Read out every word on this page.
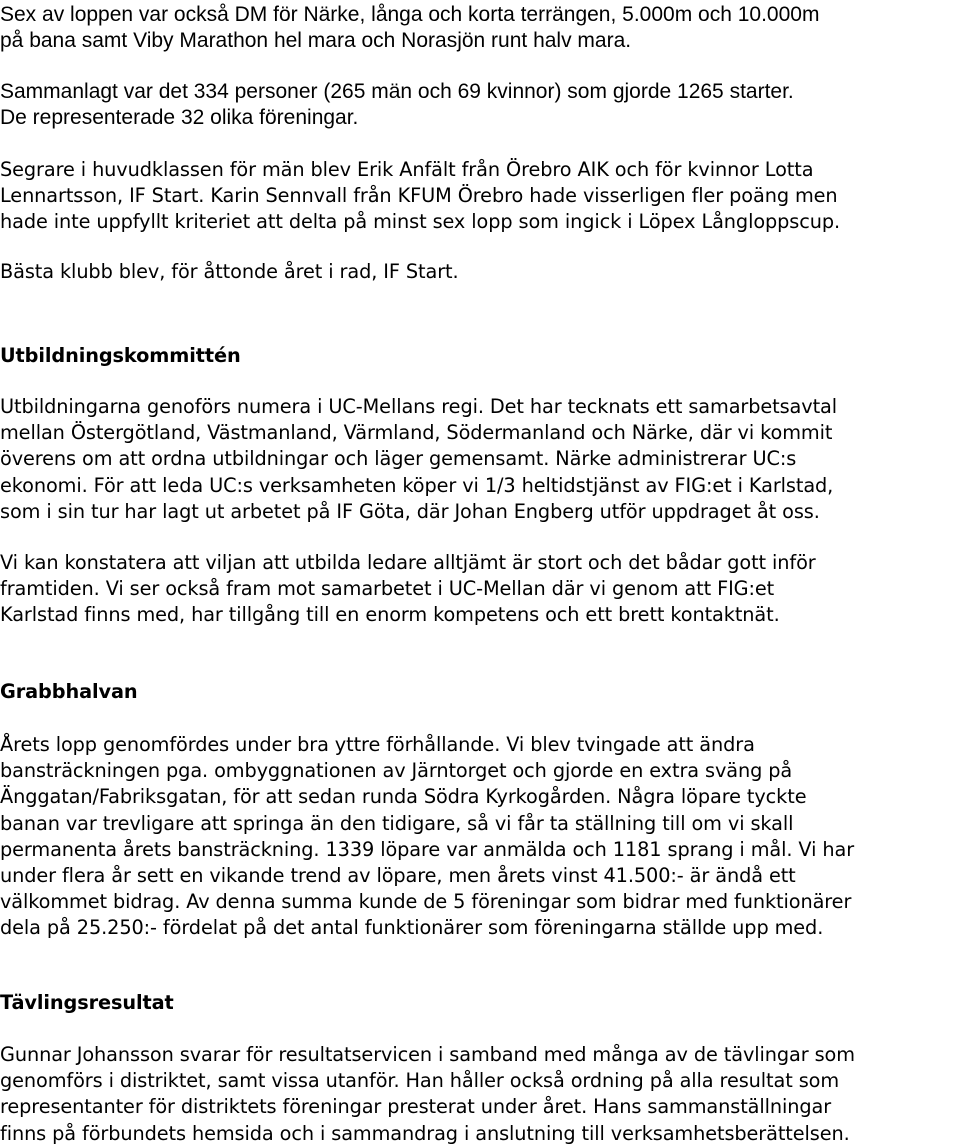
Sex av loppen var också DM för Närke, långa och korta terrängen, 5.000m och 10.000m
på bana samt Viby Marathon hel mara och Norasjön runt halv mara.

Sammanlagt var det 334 personer (265 män och 69 kvinnor) som gjorde 1265 starter.
De representerade 32 olika föreningar.

Segrare i huvudklassen för män blev Erik Anfält från Örebro AIK och för kvinnor Lotta
Lennartsson, IF Start. Karin Sennvall från KFUM Örebro hade visserligen fler poäng men
hade inte uppfyllt kriteriet att delta på minst sex lopp som ingick i Löpex Långloppscup.

Bästa klubb blev, för åttonde året i rad, IF Start.

Utbildningskommittén

Utbildningarna genoförs numera i UC-Mellans regi. Det har tecknats ett samarbetsavtal
mellan Östergötland, Västmanland, Värmland, Södermanland och Närke, där vi kommit
överens om att ordna utbildningar och läger gemensamt. Närke administrerar UC:s
ekonomi. För att leda UC:s verksamheten köper vi 1/3 heltidstjänst av FIG:et i Karlstad,
som i sin tur har lagt ut arbetet på IF Göta, där Johan Engberg utför uppdraget åt oss.

Vi kan konstatera att viljan att utbilda ledare alltjämt är stort och det bådar gott inför
framtiden. Vi ser också fram mot samarbetet i UC-Mellan där vi genom att FIG:et
Karlstad finns med, har tillgång till en enorm kompetens och ett brett kontaktnät.

Grabbhalvan

Årets lopp genomfördes under bra yttre förhållande. Vi blev tvingade att ändra
bansträckningen pga. ombyggnationen av Järntorget och gjorde en extra sväng på
Änggatan/Fabriksgatan, för att sedan runda Södra Kyrkogården. Några löpare tyckte
banan var trevligare att springa än den tidigare, så vi får ta ställning till om vi skall
permanenta årets bansträckning. 1339 löpare var anmälda och 1181 sprang i mål. Vi har
under flera år sett en vikande trend av löpare, men årets vinst 41.500:- är ändå ett
välkommet bidrag. Av denna summa kunde de 5 föreningar som bidrar med funktionärer
dela på 25.250:- fördelat på det antal funktionärer som föreningarna ställde upp med.

Tävlingsresultat

Gunnar Johansson svarar för resultatservicen i samband med många av de tävlingar som
genomförs i distriktet, samt vissa utanför. Han håller också ordning på alla resultat som
representanter för distriktets föreningar presterat under året. Hans sammanställningar
finns på förbundets hemsida och i sammandrag i anslutning till verksamhetsberättelsen.
